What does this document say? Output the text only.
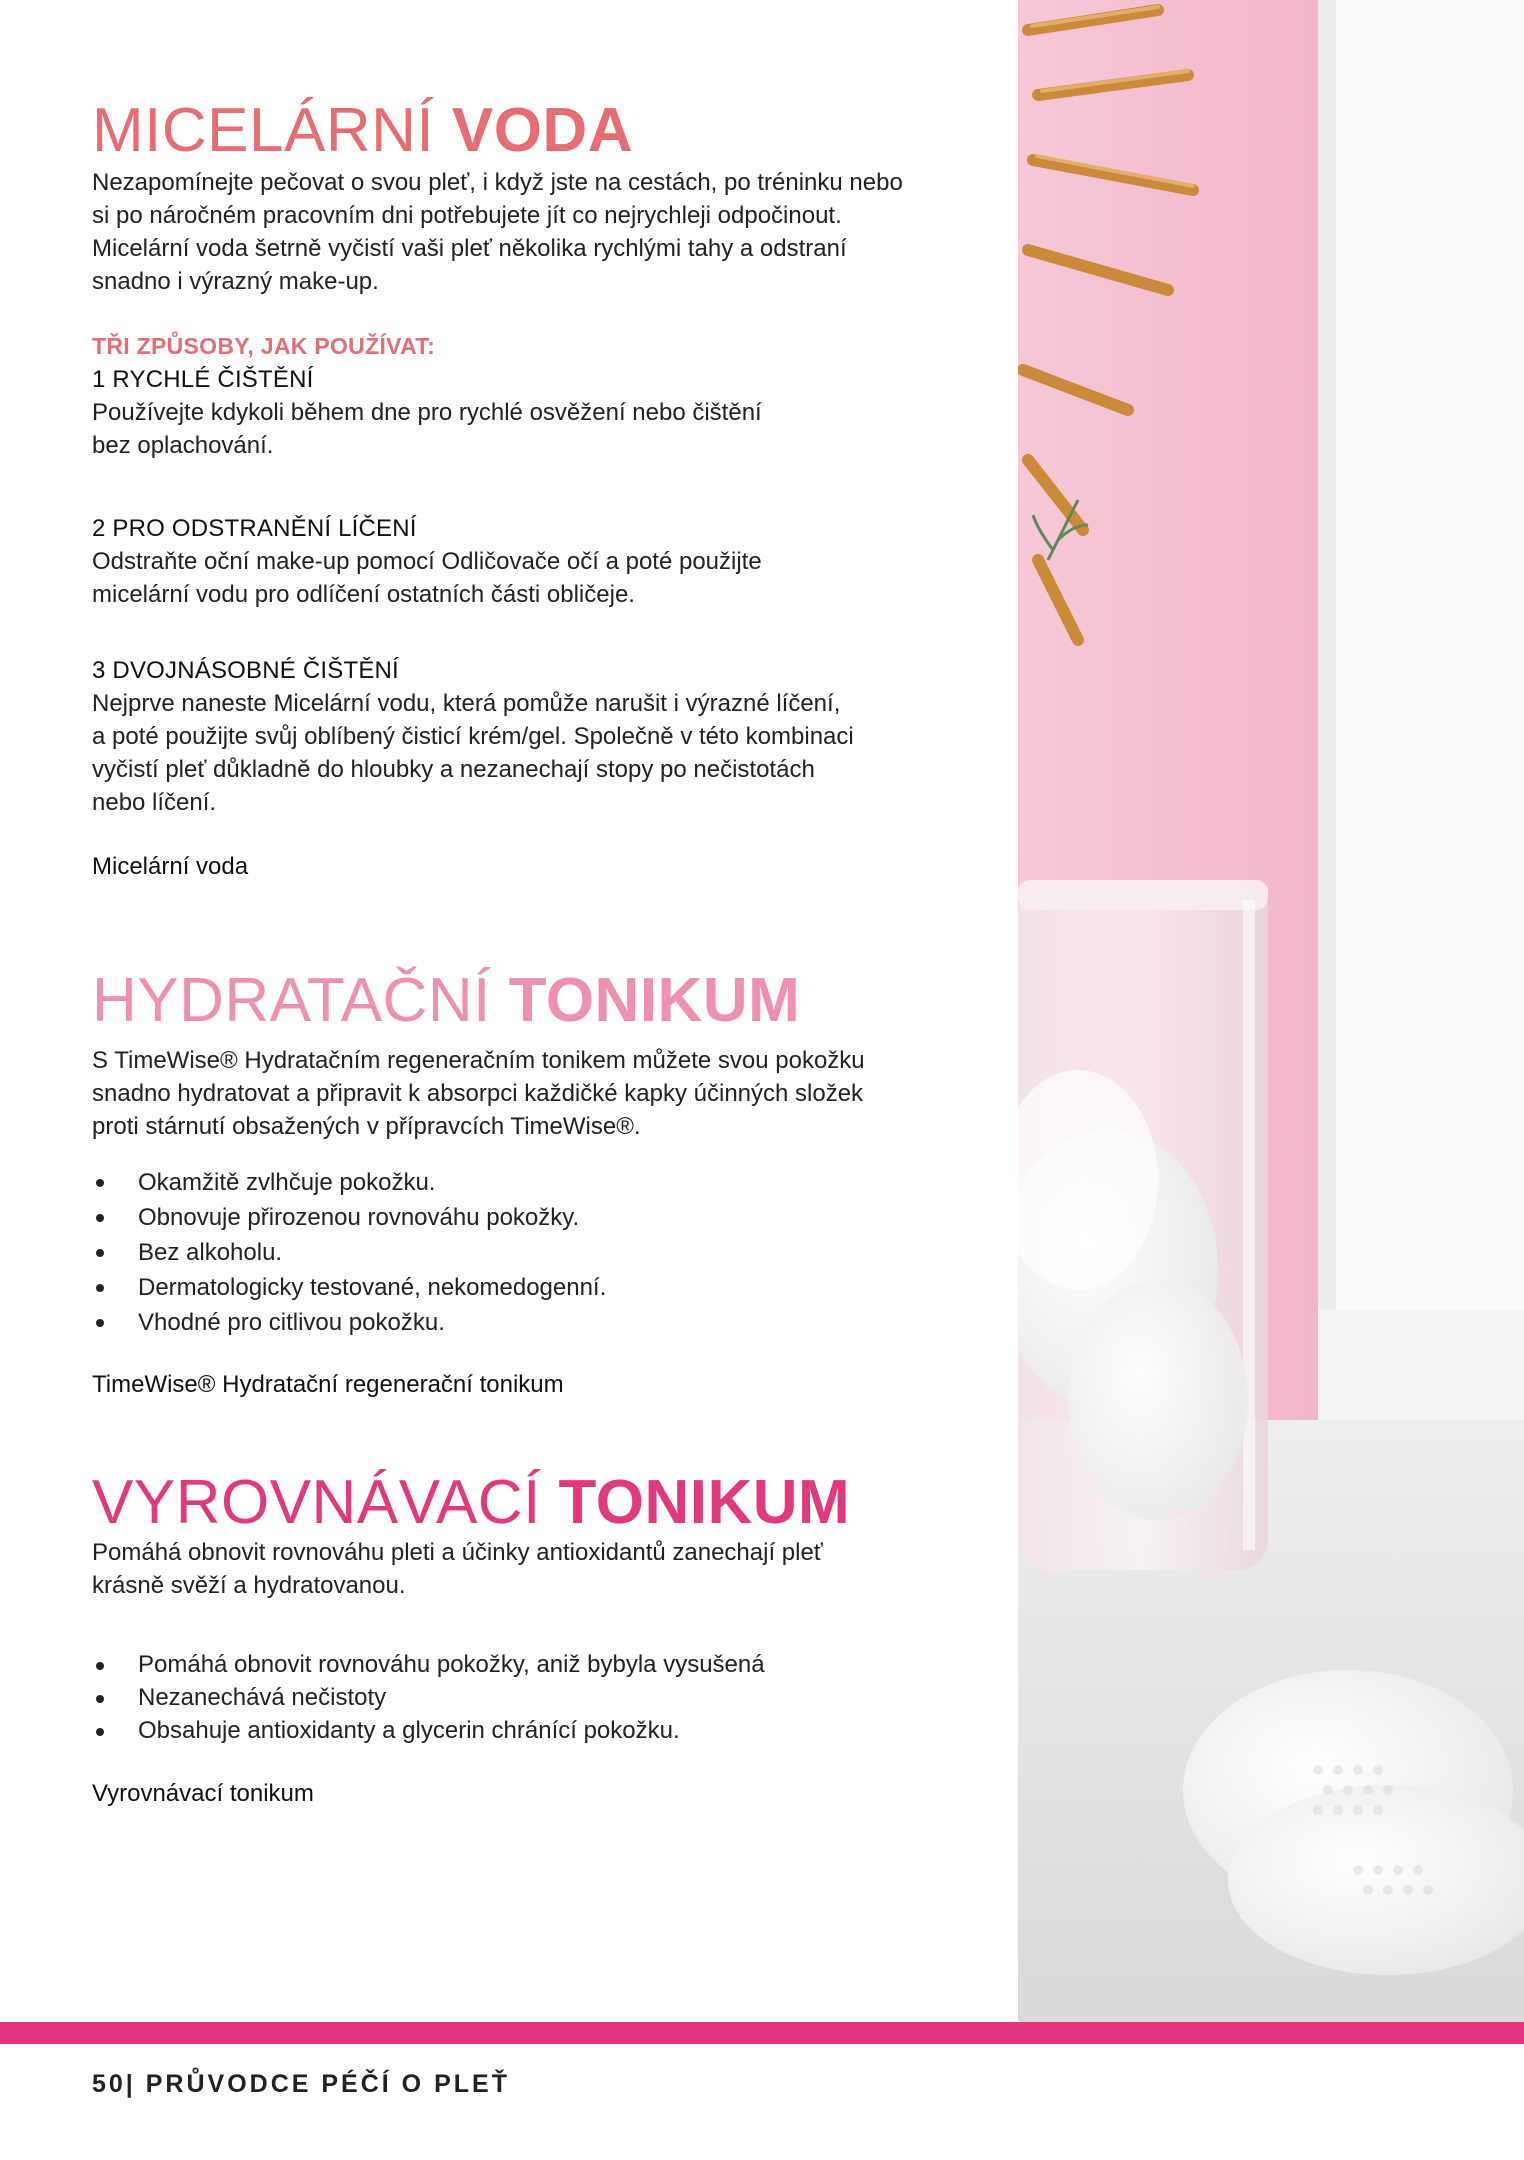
MICELÁRNÍ VODA

Nezapomínejte pečovat o svou pleť, i když jste na cestách, po tréninku nebo
si po náročném pracovním dni potřebujete jít co nejrychleji odpočinout.
Micelární voda šetrně vyčistí vaši pleť několika rychlými tahy a odstraní
snadno i výrazný make-up.

TŘI ZPŮSOBY, JAK POUŽÍVAT:

1 RYCHLÉ ČIŠTĚNÍ

Používejte kdykoli během dne pro rychlé osvěžení nebo čištění
bez oplachování.

2 PRO ODSTRANĚNÍ LÍČENÍ

Odstraňte oční make-up pomocí Odličovače očí a poté použijte
micelární vodu pro odlíčení ostatních části obličeje.

3 DVOJNÁSOBNÉ ČIŠTĚNÍ

Nejprve naneste Micelární vodu, která pomůže narušit i výrazné líčení,
a poté použijte svůj oblíbený čisticí krém/gel. Společně v této kombinaci
vyčistí pleť důkladně do hloubky a nezanechají stopy po nečistotách
nebo líčení.

Micelární voda

HYDRATAČNÍ TONIKUM

S TimeWise® Hydratačním regeneračním tonikem můžete svou pokožku
snadno hydratovat a připravit k absorpci každičké kapky účinných složek
proti stárnutí obsažených v přípravcích TimeWise®.

Okamžitě zvlhčuje pokožku.
Obnovuje přirozenou rovnováhu pokožky.
Bez alkoholu.
Dermatologicky testované, nekomedogenní.
Vhodné pro citlivou pokožku.

TimeWise® Hydratační regenerační tonikum

VYROVNÁVACÍ TONIKUM

Pomáhá obnovit rovnováhu pleti a účinky antioxidantů zanechají pleť
krásně svěží a hydratovanou.

Pomáhá obnovit rovnováhu pokožky, aniž bybyla vysušená
Nezanechává nečistoty
Obsahuje antioxidanty a glycerin chránící pokožku.

Vyrovnávací tonikum

50| PRŮVODCE PÉČÍ O PLEŤ
